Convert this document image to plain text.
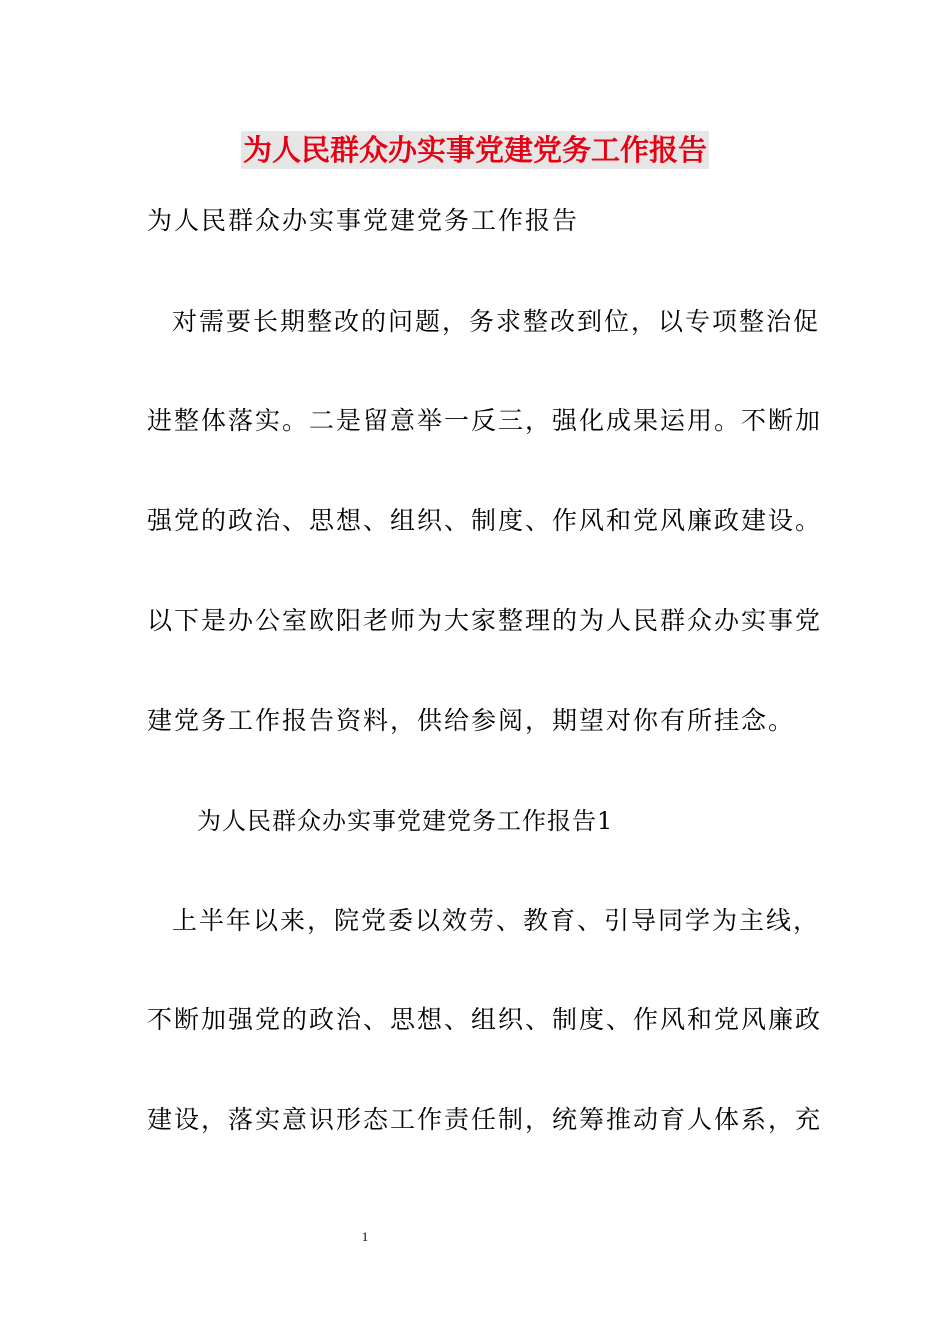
为人民群众办实事党建党务工作报告
为人民群众办实事党建党务工作报告
对需要长期整改的问题，务求整改到位，以专项整治促
进整体落实。二是留意举一反三，强化成果运用。不断加
强党的政治、思想、组织、制度、作风和党风廉政建设。
以下是办公室欧阳老师为大家整理的为人民群众办实事党
建党务工作报告资料，供给参阅，期望对你有所挂念。
为人民群众办实事党建党务工作报告1
上半年以来，院党委以效劳、教育、引导同学为主线，
不断加强党的政治、思想、组织、制度、作风和党风廉政
建设，落实意识形态工作责任制，统筹推动育人体系，充
1
